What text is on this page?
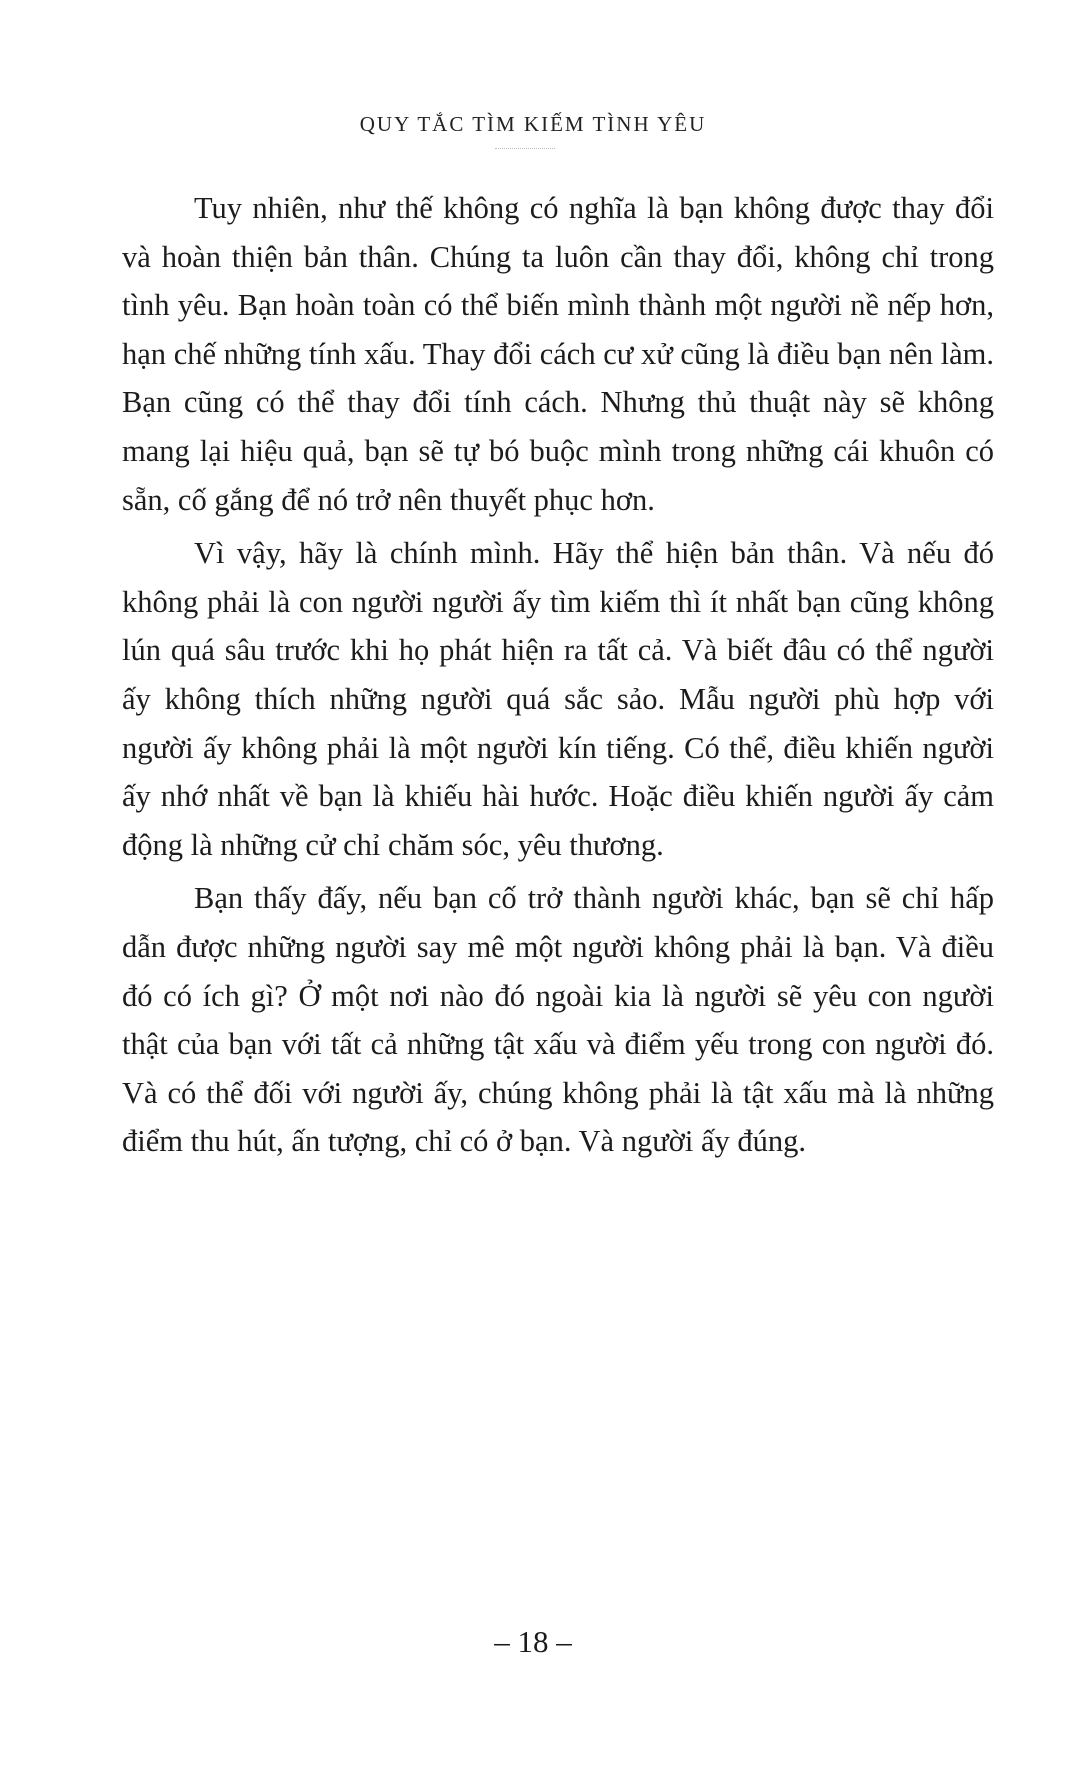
QUY TẮC TÌM KIẾM TÌNH YÊU

Tuy nhiên, như thế không có nghĩa là bạn không được thay đổi và hoàn thiện bản thân. Chúng ta luôn cần thay đổi, không chỉ trong tình yêu. Bạn hoàn toàn có thể biến mình thành một người nề nếp hơn, hạn chế những tính xấu. Thay đổi cách cư xử cũng là điều bạn nên làm. Bạn cũng có thể thay đổi tính cách. Nhưng thủ thuật này sẽ không mang lại hiệu quả, bạn sẽ tự bó buộc mình trong những cái khuôn có sẵn, cố gắng để nó trở nên thuyết phục hơn.

Vì vậy, hãy là chính mình. Hãy thể hiện bản thân. Và nếu đó không phải là con người người ấy tìm kiếm thì ít nhất bạn cũng không lún quá sâu trước khi họ phát hiện ra tất cả. Và biết đâu có thể người ấy không thích những người quá sắc sảo. Mẫu người phù hợp với người ấy không phải là một người kín tiếng. Có thể, điều khiến người ấy nhớ nhất về bạn là khiếu hài hước. Hoặc điều khiến người ấy cảm động là những cử chỉ chăm sóc, yêu thương.

Bạn thấy đấy, nếu bạn cố trở thành người khác, bạn sẽ chỉ hấp dẫn được những người say mê một người không phải là bạn. Và điều đó có ích gì? Ở một nơi nào đó ngoài kia là người sẽ yêu con người thật của bạn với tất cả những tật xấu và điểm yếu trong con người đó. Và có thể đối với người ấy, chúng không phải là tật xấu mà là những điểm thu hút, ấn tượng, chỉ có ở bạn. Và người ấy đúng.

– 18 –
